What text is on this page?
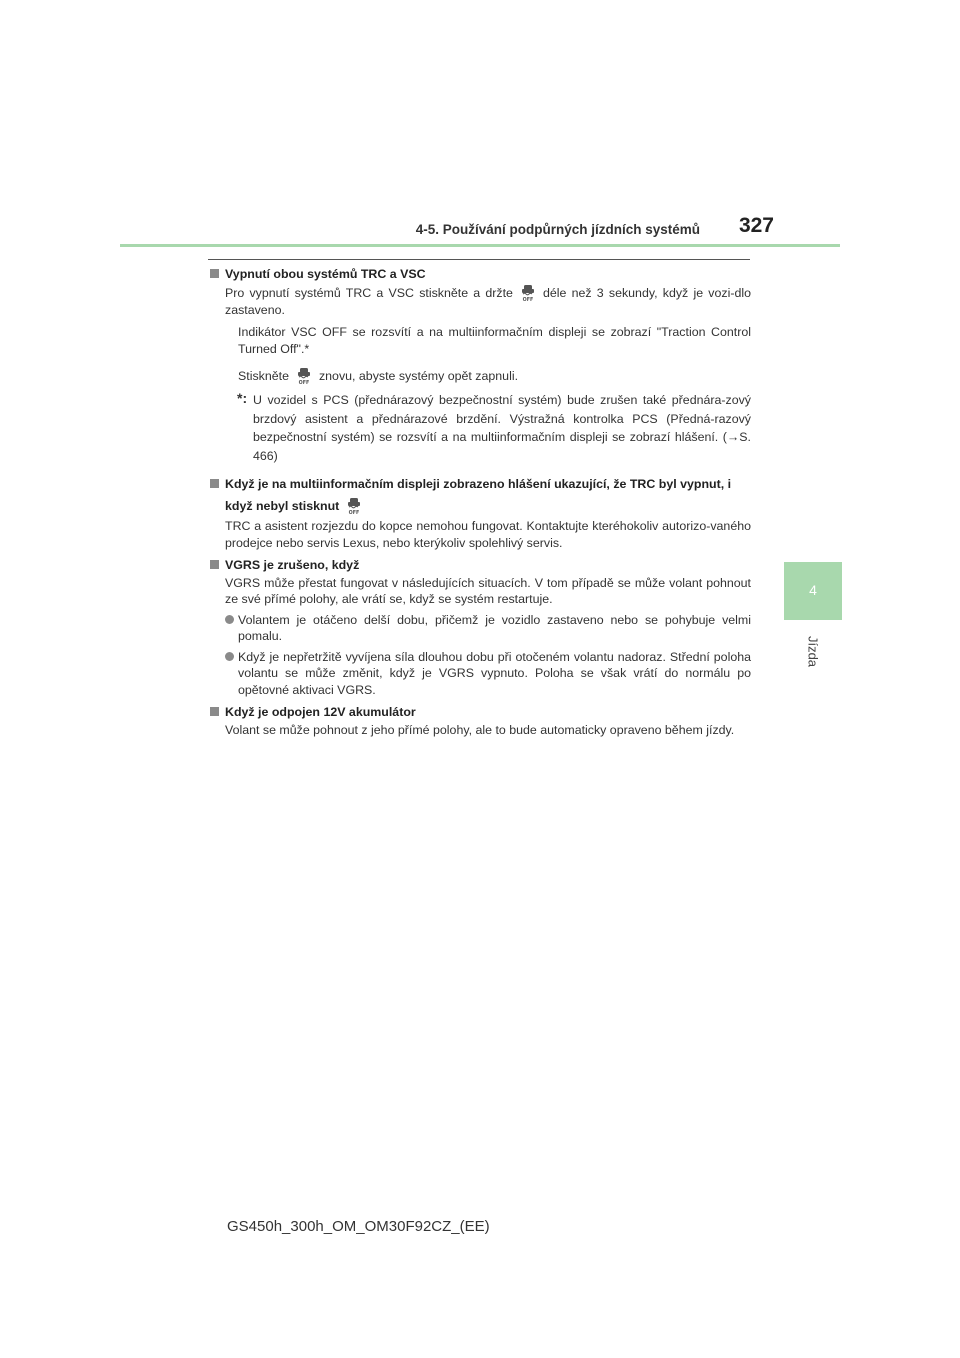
4-5. Používání podpůrných jízdních systémů 327
4
Jízda
Vypnutí obou systémů TRC a VSC
Pro vypnutí systémů TRC a VSC stiskněte a držte
OFF
déle než 3 sekundy, když je vozi-dlo zastaveno.
Indikátor VSC OFF se rozsvítí a na multiinformačním displeji se zobrazí "Traction Control Turned Off".*
Stiskněte
OFF
znovu, abyste systémy opět zapnuli.
*: U vozidel s PCS (přednárazový bezpečnostní systém) bude zrušen také přednára-zový brzdový asistent a přednárazové brzdění. Výstražná kontrolka PCS (Předná-razový bezpečnostní systém) se rozsvítí a na multiinformačním displeji se zobrazí hlášení. (→S. 466)
Když je na multiinformačním displeji zobrazeno hlášení ukazující, že TRC byl vypnut, i když nebyl stisknut
OFF
TRC a asistent rozjezdu do kopce nemohou fungovat. Kontaktujte kteréhokoliv autorizo-vaného prodejce nebo servis Lexus, nebo kterýkoliv spolehlivý servis.
VGRS je zrušeno, když
VGRS může přestat fungovat v následujících situacích. V tom případě se může volant pohnout ze své přímé polohy, ale vrátí se, když se systém restartuje.
Volantem je otáčeno delší dobu, přičemž je vozidlo zastaveno nebo se pohybuje velmi pomalu.
Když je nepřetržitě vyvíjena síla dlouhou dobu při otočeném volantu nadoraz. Střední poloha volantu se může změnit, když je VGRS vypnuto. Poloha se však vrátí do normálu po opětovné aktivaci VGRS.
Když je odpojen 12V akumulátor
Volant se může pohnout z jeho přímé polohy, ale to bude automaticky opraveno během jízdy.
GS450h_300h_OM_OM30F92CZ_(EE)
